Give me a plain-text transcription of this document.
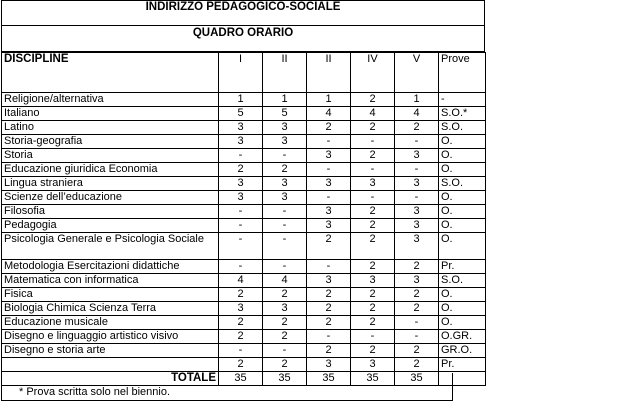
INDIRIZZO PEDAGOGICO-SOCIALE
QUADRO ORARIO
DISCIPLINE	I	II	II	IV	V	Prove

Religione/alternativa	1	1	1	2	1	-
Italiano	5	5	4	4	4	S.O.*
Latino	3	3	2	2	2	S.O.
Storia-geografia	3	3	-	-	-	O.
Storia	-	-	3	2	3	O.
Educazione giuridica Economia	2	2	-	-	-	O.
Lingua straniera	3	3	3	3	3	S.O.
Scienze dell’educazione	3	3	-	-	-	O.
Filosofia	-	-	3	2	3	O.
Pedagogia	-	-	3	2	3	O.
Psicologia Generale e Psicologia Sociale	-	-	2	2	3	O.
Metodologia Esercitazioni didattiche	-	-	-	2	2	Pr.
Matematica con informatica	4	4	3	3	3	S.O.
Fisica	2	2	2	2	2	O.
Biologia Chimica Scienza Terra	3	3	2	2	2	O.
Educazione musicale	2	2	2	2	-	O.
Disegno e linguaggio artistico visivo	2	2	-	-	-	O.GR.
Disegno e storia arte	-	-	2	2	2	GR.O.
	2	2	3	3	2	Pr.
TOTALE	35	35	35	35	35	
* Prova scritta solo nel biennio.
